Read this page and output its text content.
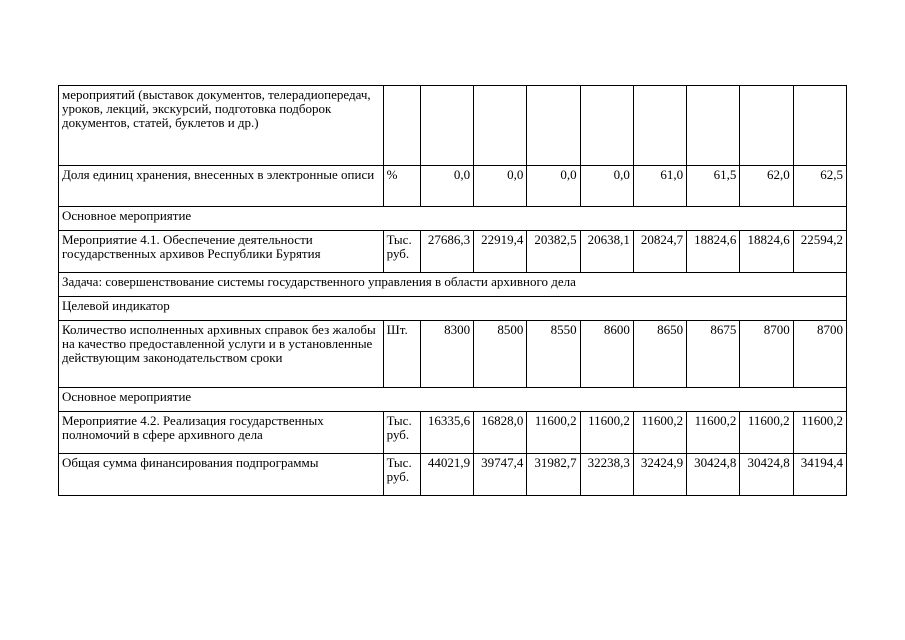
мероприятий (выставок документов, телерадиопередач, уроков, лекций, экскурсий, подготовка подборок документов, статей, буклетов и др.)									
Доля единиц хранения, внесенных в электронные описи	%	0,0	0,0	0,0	0,0	61,0	61,5	62,0	62,5
Основное мероприятие									
Мероприятие 4.1. Обеспечение деятельности государственных архивов Республики Бурятия	Тыс. руб.	27686,3	22919,4	20382,5	20638,1	20824,7	18824,6	18824,6	22594,2
Задача: совершенствование системы государственного управления в области архивного дела									
Целевой индикатор									
Количество исполненных архивных справок без жалобы на качество предоставленной услуги и в установленные действующим законодательством сроки	Шт.	8300	8500	8550	8600	8650	8675	8700	8700
Основное мероприятие									
Мероприятие 4.2. Реализация государственных полномочий в сфере архивного дела	Тыс. руб.	16335,6	16828,0	11600,2	11600,2	11600,2	11600,2	11600,2	11600,2
Общая сумма финансирования подпрограммы	Тыс. руб.	44021,9	39747,4	31982,7	32238,3	32424,9	30424,8	30424,8	34194,4
